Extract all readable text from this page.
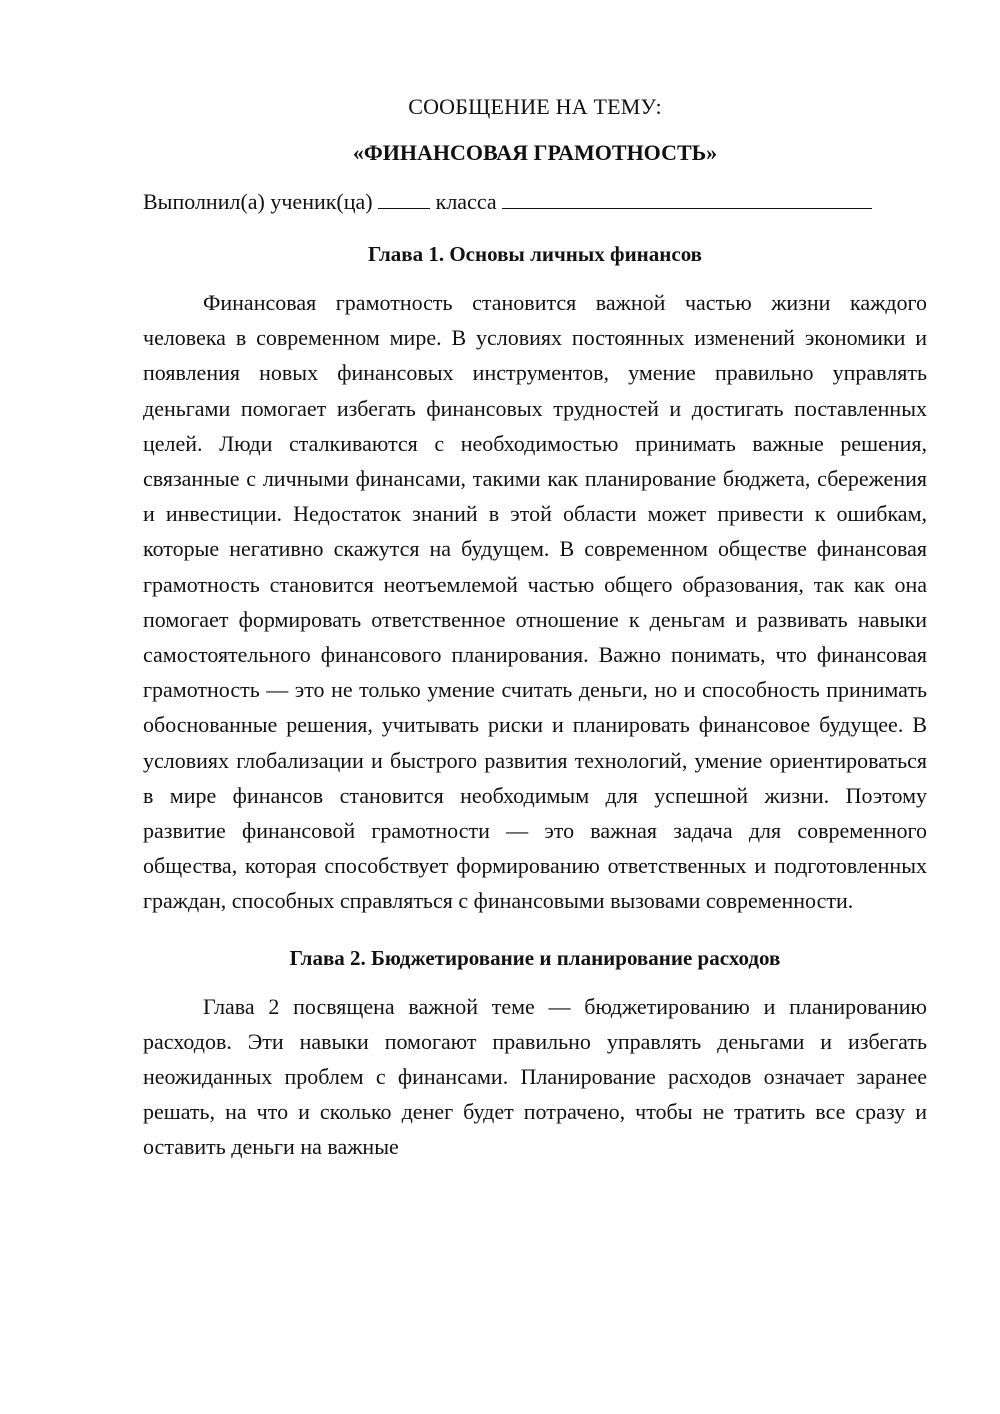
СООБЩЕНИЕ НА ТЕМУ:

«ФИНАНСОВАЯ ГРАМОТНОСТЬ»

Выполнил(а) ученик(ца)	класса

Глава 1. Основы личных финансов

Финансовая грамотность становится важной частью жизни каждого человека в современном мире. В условиях постоянных изменений экономики и появления новых финансовых инструментов, умение правильно управлять деньгами помогает избегать финансовых трудностей и достигать поставленных целей. Люди сталкиваются с необходимостью принимать важные решения, связанные с личными финансами, такими как планирование бюджета, сбережения и инвестиции. Недостаток знаний в этой области может привести к ошибкам, которые негативно скажутся на будущем. В современном обществе финансовая грамотность становится неотъемлемой частью общего образования, так как она помогает формировать ответственное отношение к деньгам и развивать навыки самостоятельного финансового планирования. Важно понимать, что финансовая грамотность — это не только умение считать деньги, но и способность принимать обоснованные решения, учитывать риски и планировать финансовое будущее. В условиях глобализации и быстрого развития технологий, умение ориентироваться в мире финансов становится необходимым для успешной жизни. Поэтому развитие финансовой грамотности — это важная задача для современного общества, которая способствует формированию ответственных и подготовленных граждан, способных справляться с финансовыми вызовами современности.

Глава 2. Бюджетирование и планирование расходов

Глава 2 посвящена важной теме — бюджетированию и планированию расходов. Эти навыки помогают правильно управлять деньгами и избегать неожиданных проблем с финансами. Планирование расходов означает заранее решать, на что и сколько денег будет потрачено, чтобы не тратить все сразу и оставить деньги на важные
